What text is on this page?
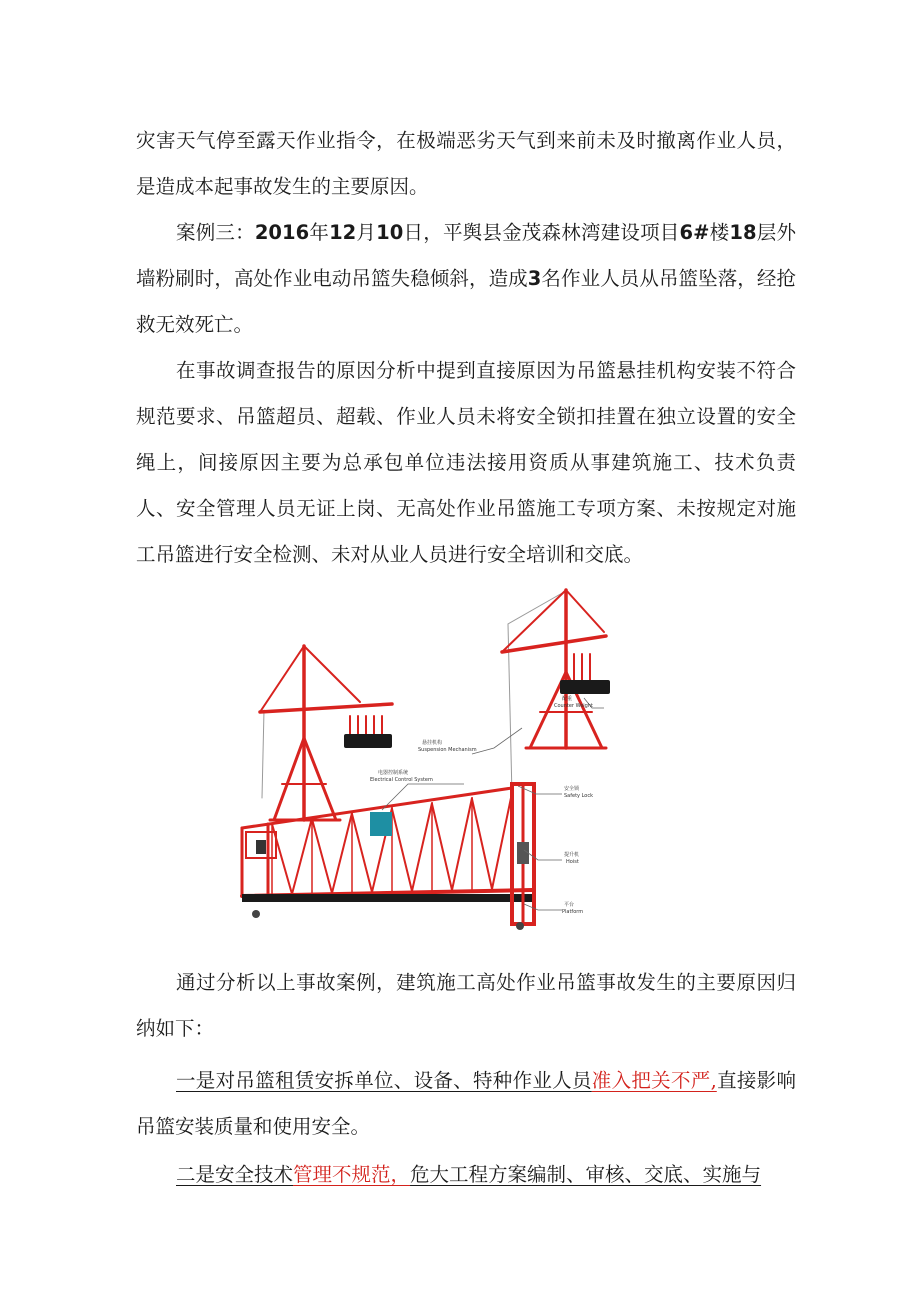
灾害天气停至露天作业指令，在极端恶劣天气到来前未及时撤离作业人员，是造成本起事故发生的主要原因。

案例三：2016年12月10日，平舆县金茂森林湾建设项目6#楼18层外墙粉刷时，高处作业电动吊篮失稳倾斜，造成3名作业人员从吊篮坠落，经抢救无效死亡。

在事故调查报告的原因分析中提到直接原因为吊篮悬挂机构安装不符合规范要求、吊篮超员、超载、作业人员未将安全锁扣挂置在独立设置的安全绳上，间接原因主要为总承包单位违法接用资质从事建筑施工、技术负责人、安全管理人员无证上岗、无高处作业吊篮施工专项方案、未按规定对施工吊篮进行安全检测、未对从业人员进行安全培训和交底。

悬挂机构
Suspension Mechanism
配重
Counter Weight
电器控制系统
Electrical Control System
安全锁
Safety Lock
提升机
Hoist
平台
Platform

通过分析以上事故案例，建筑施工高处作业吊篮事故发生的主要原因归纳如下：

一是对吊篮租赁安拆单位、设备、特种作业人员准入把关不严,直接影响吊篮安装质量和使用安全。

二是安全技术管理不规范，危大工程方案编制、审核、交底、实施与
